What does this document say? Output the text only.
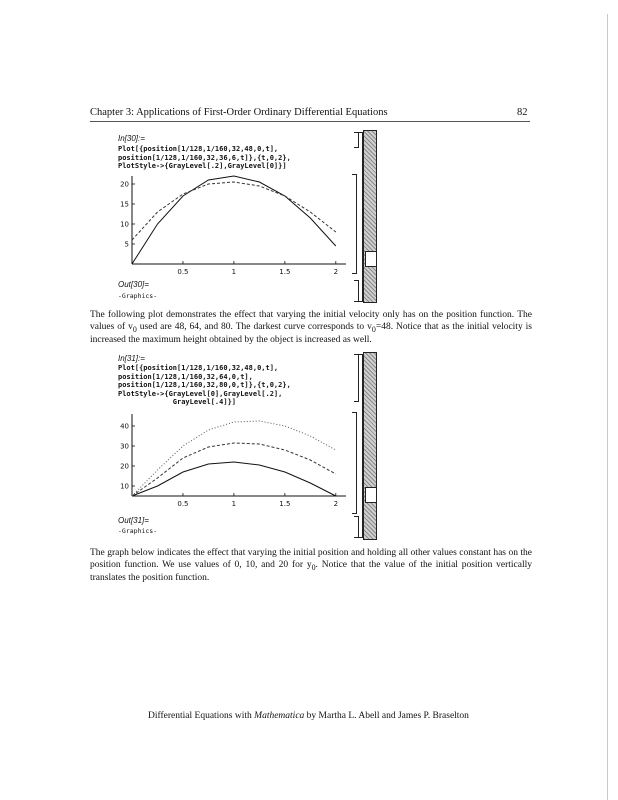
Chapter 3: Applications of First-Order Ordinary Differential Equations	82
In[30]:=
Plot[{position[1/128,1/160,32,48,0,t],
position[1/128,1/160,32,36,6,t]},{t,0,2},
PlotStyle->{GrayLevel[.2],GrayLevel[0]}]
0.5	1	1.5	2
5
10
15
20
Out[30]=
-Graphics-
The following plot demonstrates the effect that varying the initial velocity only has on the position function. The values of $v_0$ used are 48, 64, and 80. The darkest curve corresponds to $v_0=48$. Notice that as the initial velocity is increased the maximum height obtained by the object is increased as well.
In[31]:=
Plot[{position[1/128,1/160,32,48,0,t],
position[1/128,1/160,32,64,0,t],
position[1/128,1/160,32,80,0,t]},{t,0,2},
PlotStyle->{GrayLevel[0],GrayLevel[.2],
GrayLevel[.4]}]
0.5	1	1.5	2
10
20
30
40
Out[31]=
-Graphics-
The graph below indicates the effect that varying the initial position and holding all other values constant has on the position function. We use values of 0, 10, and 20 for $y_0$. Notice that the value of the initial position vertically translates the position function.
Differential Equations with Mathematica by Martha L. Abell and James P. Braselton
